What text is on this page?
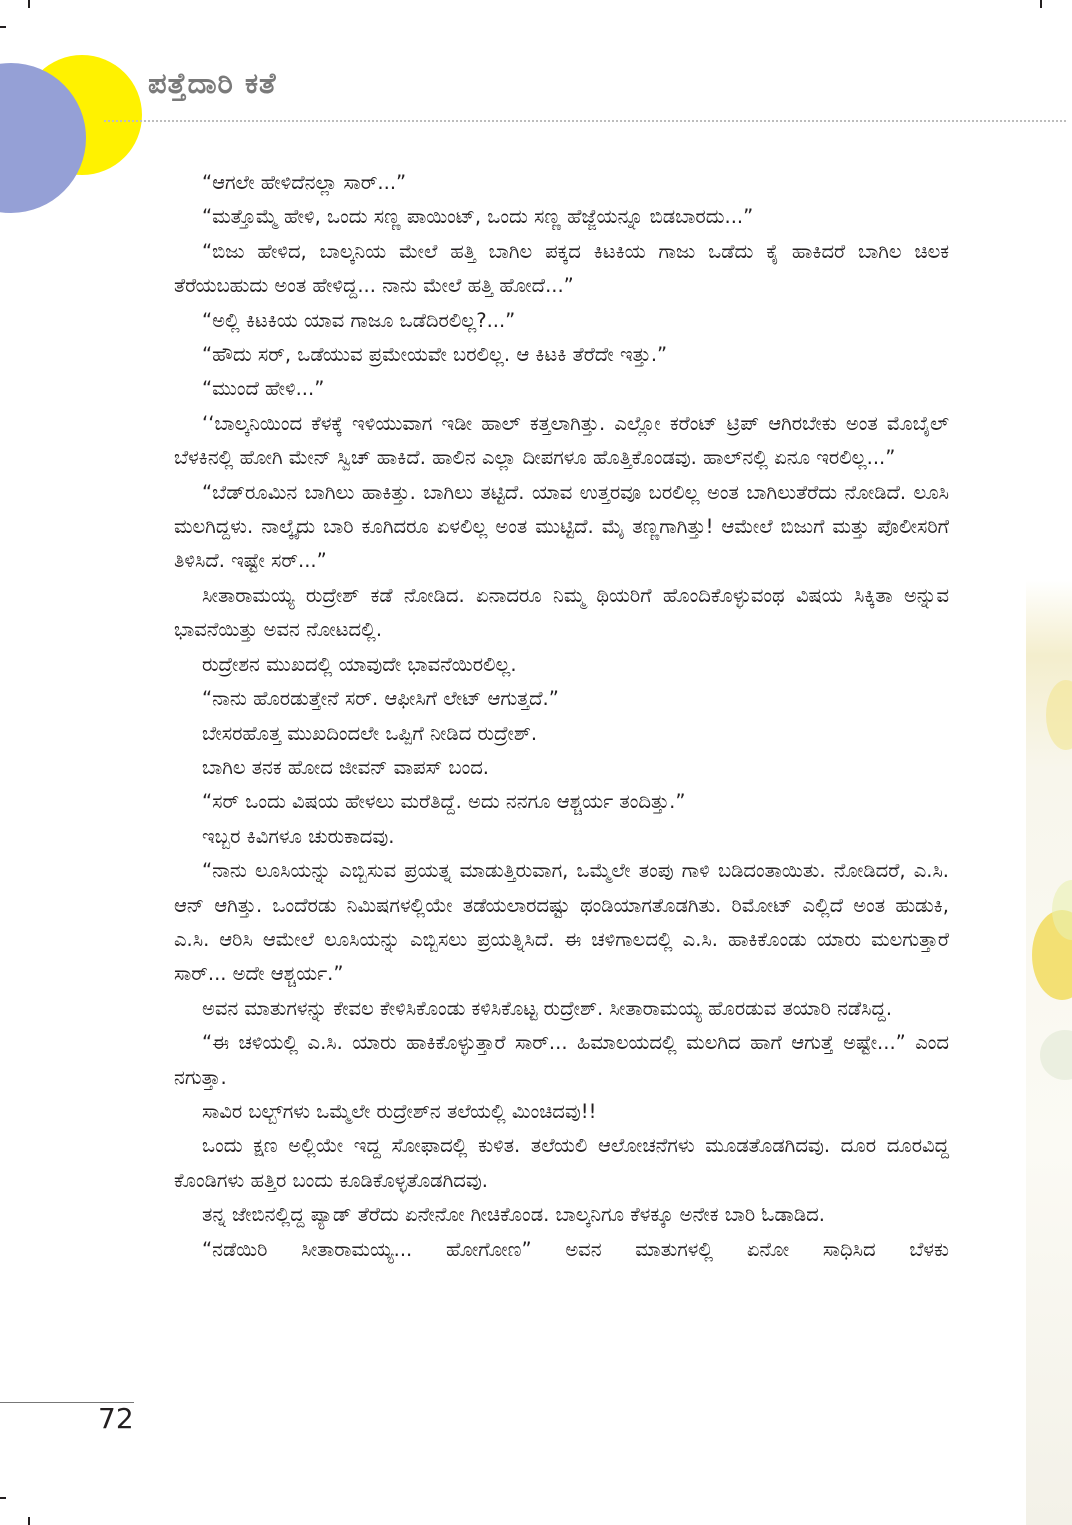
ಪತ್ತೆದಾರಿ ಕತೆ

“ಆಗಲೇ ಹೇಳಿದೆನಲ್ಲಾ ಸಾರ್...”

“ಮತ್ತೊಮ್ಮೆ ಹೇಳಿ, ಒಂದು ಸಣ್ಣ ಪಾಯಿಂಟ್, ಒಂದು ಸಣ್ಣ ಹೆಜ್ಜೆಯನ್ನೂ ಬಿಡಬಾರದು...”

“ಬಿಜು ಹೇಳಿದ, ಬಾಲ್ಕನಿಯ ಮೇಲೆ ಹತ್ತಿ ಬಾಗಿಲ ಪಕ್ಕದ ಕಿಟಕಿಯ ಗಾಜು ಒಡೆದು ಕೈ ಹಾಕಿದರೆ ಬಾಗಿಲ ಚಿಲಕ ತೆರೆಯಬಹುದು ಅಂತ ಹೇಳಿದ್ದ... ನಾನು ಮೇಲೆ ಹತ್ತಿ ಹೋದೆ...”

“ಅಲ್ಲಿ ಕಿಟಕಿಯ ಯಾವ ಗಾಜೂ ಒಡೆದಿರಲಿಲ್ಲ?...”

“ಹೌದು ಸರ್, ಒಡೆಯುವ ಪ್ರಮೇಯವೇ ಬರಲಿಲ್ಲ. ಆ ಕಿಟಕಿ ತೆರೆದೇ ಇತ್ತು.”

“ಮುಂದೆ ಹೇಳಿ...”

‘‘ಬಾಲ್ಕನಿಯಿಂದ ಕೆಳಕ್ಕೆ ಇಳಿಯುವಾಗ ಇಡೀ ಹಾಲ್ ಕತ್ತಲಾಗಿತ್ತು. ಎಲ್ಲೋ ಕರೆಂಟ್ ಟ್ರಿಪ್ ಆಗಿರಬೇಕು ಅಂತ ಮೊಬೈಲ್ ಬೆಳಕಿನಲ್ಲಿ ಹೋಗಿ ಮೇನ್ ಸ್ವಿಚ್ ಹಾಕಿದೆ. ಹಾಲಿನ ಎಲ್ಲಾ ದೀಪಗಳೂ ಹೊತ್ತಿಕೊಂಡವು. ಹಾಲ್‌ನಲ್ಲಿ ಏನೂ ಇರಲಿಲ್ಲ...”

“ಬೆಡ್‌ರೂಮಿನ ಬಾಗಿಲು ಹಾಕಿತ್ತು. ಬಾಗಿಲು ತಟ್ಟಿದೆ. ಯಾವ ಉತ್ತರವೂ ಬರಲಿಲ್ಲ ಅಂತ ಬಾಗಿಲುತೆರೆದು ನೋಡಿದೆ. ಲೂಸಿ ಮಲಗಿದ್ದಳು. ನಾಲ್ಕೈದು ಬಾರಿ ಕೂಗಿದರೂ ಏಳಲಿಲ್ಲ ಅಂತ ಮುಟ್ಟಿದೆ. ಮೈ ತಣ್ಣಗಾಗಿತ್ತು! ಆಮೇಲೆ ಬಿಜುಗೆ ಮತ್ತು ಪೊಲೀಸರಿಗೆ ತಿಳಿಸಿದೆ. ಇಷ್ಟೇ ಸರ್...”

ಸೀತಾರಾಮಯ್ಯ ರುದ್ರೇಶ್ ಕಡೆ ನೋಡಿದ. ಏನಾದರೂ ನಿಮ್ಮ ಥಿಯರಿಗೆ ಹೊಂದಿಕೊಳ್ಳುವಂಥ ವಿಷಯ ಸಿಕ್ಕಿತಾ ಅನ್ನುವ ಭಾವನೆಯಿತ್ತು ಅವನ ನೋಟದಲ್ಲಿ.

ರುದ್ರೇಶನ ಮುಖದಲ್ಲಿ ಯಾವುದೇ ಭಾವನೆಯಿರಲಿಲ್ಲ.

“ನಾನು ಹೊರಡುತ್ತೇನೆ ಸರ್. ಆಫೀಸಿಗೆ ಲೇಟ್ ಆಗುತ್ತದೆ.”

ಬೇಸರಹೊತ್ತ ಮುಖದಿಂದಲೇ ಒಪ್ಪಿಗೆ ನೀಡಿದ ರುದ್ರೇಶ್.

ಬಾಗಿಲ ತನಕ ಹೋದ ಜೀವನ್ ವಾಪಸ್ ಬಂದ.

“ಸರ್ ಒಂದು ವಿಷಯ ಹೇಳಲು ಮರೆತಿದ್ದೆ. ಅದು ನನಗೂ ಆಶ್ಚರ್ಯ ತಂದಿತ್ತು.”

ಇಬ್ಬರ ಕಿವಿಗಳೂ ಚುರುಕಾದವು.

“ನಾನು ಲೂಸಿಯನ್ನು ಎಬ್ಬಿಸುವ ಪ್ರಯತ್ನ ಮಾಡುತ್ತಿರುವಾಗ, ಒಮ್ಮೆಲೇ ತಂಪು ಗಾಳಿ ಬಡಿದಂತಾಯಿತು. ನೋಡಿದರೆ, ಎ.ಸಿ. ಆನ್ ಆಗಿತ್ತು. ಒಂದೆರಡು ನಿಮಿಷಗಳಲ್ಲಿಯೇ ತಡೆಯಲಾರದಷ್ಟು ಥಂಡಿಯಾಗತೊಡಗಿತು. ರಿಮೋಟ್ ಎಲ್ಲಿದೆ ಅಂತ ಹುಡುಕಿ, ಎ.ಸಿ. ಆರಿಸಿ ಆಮೇಲೆ ಲೂಸಿಯನ್ನು ಎಬ್ಬಿಸಲು ಪ್ರಯತ್ನಿಸಿದೆ. ಈ ಚಳಿಗಾಲದಲ್ಲಿ ಎ.ಸಿ. ಹಾಕಿಕೊಂಡು ಯಾರು ಮಲಗುತ್ತಾರೆ ಸಾರ್... ಅದೇ ಆಶ್ಚರ್ಯ.”

ಅವನ ಮಾತುಗಳನ್ನು ಕೇವಲ ಕೇಳಿಸಿಕೊಂಡು ಕಳಿಸಿಕೊಟ್ಟ ರುದ್ರೇಶ್. ಸೀತಾರಾಮಯ್ಯ ಹೊರಡುವ ತಯಾರಿ ನಡೆಸಿದ್ದ.

“ಈ ಚಳಿಯಲ್ಲಿ ಎ.ಸಿ. ಯಾರು ಹಾಕಿಕೊಳ್ಳುತ್ತಾರೆ ಸಾರ್... ಹಿಮಾಲಯದಲ್ಲಿ ಮಲಗಿದ ಹಾಗೆ ಆಗುತ್ತೆ ಅಷ್ಟೇ...” ಎಂದ ನಗುತ್ತಾ.

ಸಾವಿರ ಬಲ್ಬ್‌ಗಳು ಒಮ್ಮೆಲೇ ರುದ್ರೇಶ್‌ನ ತಲೆಯಲ್ಲಿ ಮಿಂಚಿದವು!!

ಒಂದು ಕ್ಷಣ ಅಲ್ಲಿಯೇ ಇದ್ದ ಸೋಫಾದಲ್ಲಿ ಕುಳಿತ. ತಲೆಯಲಿ ಆಲೋಚನೆಗಳು ಮೂಡತೊಡಗಿದವು. ದೂರ ದೂರವಿದ್ದ ಕೊಂಡಿಗಳು ಹತ್ತಿರ ಬಂದು ಕೂಡಿಕೊಳ್ಳತೊಡಗಿದವು.

ತನ್ನ ಜೇಬಿನಲ್ಲಿದ್ದ ಪ್ಯಾಡ್ ತೆರೆದು ಏನೇನೋ ಗೀಚಿಕೊಂಡ. ಬಾಲ್ಕನಿಗೂ ಕೆಳಕ್ಕೂ ಅನೇಕ ಬಾರಿ ಓಡಾಡಿದ.

“ನಡೆಯಿರಿ ಸೀತಾರಾಮಯ್ಯ... ಹೋಗೋಣ” ಅವನ ಮಾತುಗಳಲ್ಲಿ ಏನೋ ಸಾಧಿಸಿದ ಬೆಳಕು

72
